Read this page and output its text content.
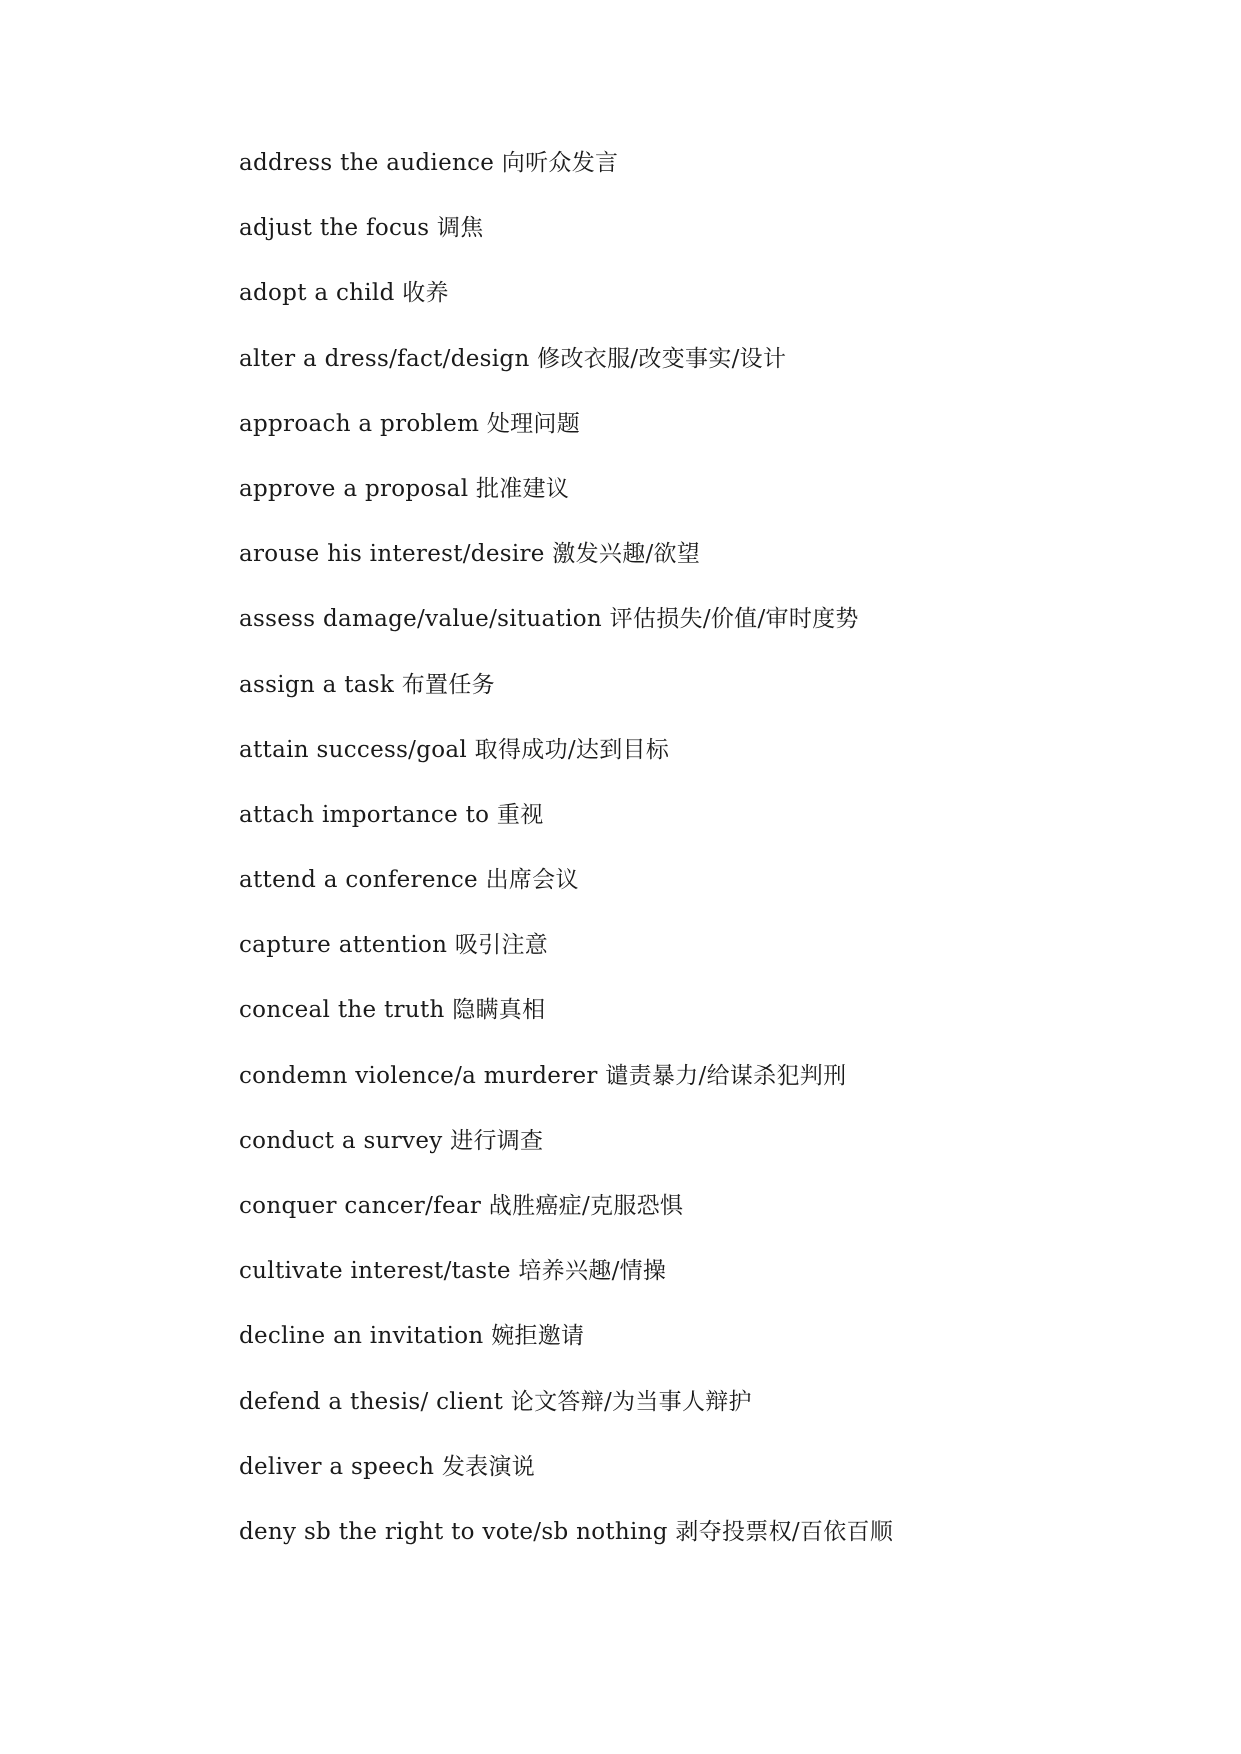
address the audience 向听众发言
adjust the focus 调焦
adopt a child 收养
alter a dress/fact/design 修改衣服/改变事实/设计
approach a problem 处理问题
approve a proposal 批准建议
arouse his interest/desire 激发兴趣/欲望
assess damage/value/situation 评估损失/价值/审时度势
assign a task 布置任务
attain success/goal 取得成功/达到目标
attach importance to 重视
attend a conference 出席会议
capture attention 吸引注意
conceal the truth 隐瞒真相
condemn violence/a murderer 谴责暴力/给谋杀犯判刑
conduct a survey 进行调查
conquer cancer/fear 战胜癌症/克服恐惧
cultivate interest/taste 培养兴趣/情操
decline an invitation 婉拒邀请
defend a thesis/ client 论文答辩/为当事人辩护
deliver a speech 发表演说
deny sb the right to vote/sb nothing 剥夺投票权/百依百顺
